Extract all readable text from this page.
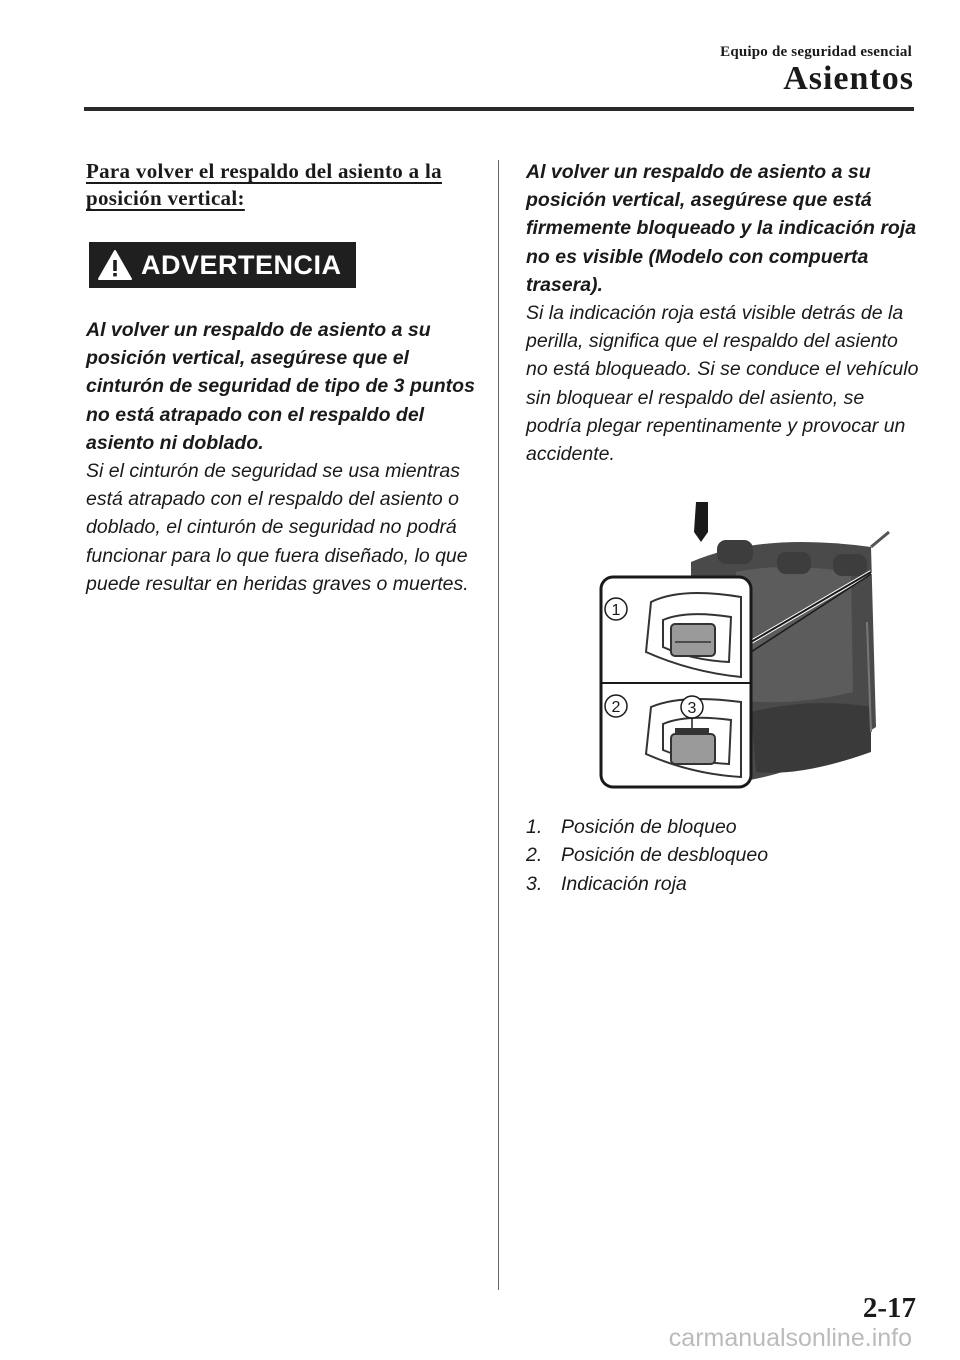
Equipo de seguridad esencial
Asientos
Para volver el respaldo del asiento a la posición vertical:
ADVERTENCIA

Al volver un respaldo de asiento a su posición vertical, asegúrese que el cinturón de seguridad de tipo de 3 puntos no está atrapado con el respaldo del asiento ni doblado.

Si el cinturón de seguridad se usa mientras está atrapado con el respaldo del asiento o doblado, el cinturón de seguridad no podrá funcionar para lo que fuera diseñado, lo que puede resultar en heridas graves o muertes.

Al volver un respaldo de asiento a su posición vertical, asegúrese que está firmemente bloqueado y la indicación roja no es visible (Modelo con compuerta trasera).

Si la indicación roja está visible detrás de la perilla, significa que el respaldo del asiento no está bloqueado. Si se conduce el vehículo sin bloquear el respaldo del asiento, se podría plegar repentinamente y provocar un accidente.

1
2	3
1. Posición de bloqueo
2. Posición de desbloqueo
3. Indicación roja
2-17
carmanualsonline.info
